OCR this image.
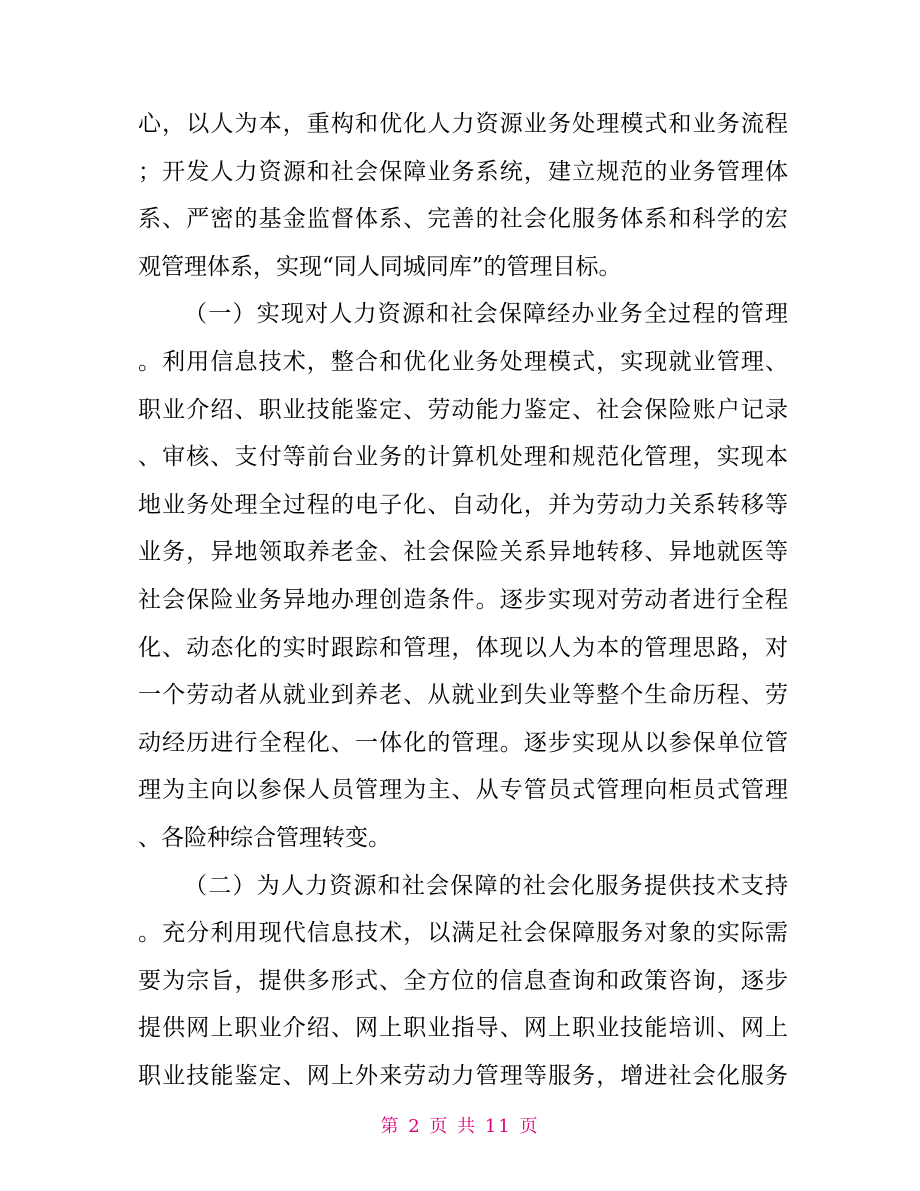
心，以人为本，重构和优化人力资源业务处理模式和业务流程
；开发人力资源和社会保障业务系统，建立规范的业务管理体
系、严密的基金监督体系、完善的社会化服务体系和科学的宏
观管理体系，实现“同人同城同库”的管理目标。
（一）实现对人力资源和社会保障经办业务全过程的管理
。利用信息技术，整合和优化业务处理模式，实现就业管理、
职业介绍、职业技能鉴定、劳动能力鉴定、社会保险账户记录
、审核、支付等前台业务的计算机处理和规范化管理，实现本
地业务处理全过程的电子化、自动化，并为劳动力关系转移等
业务，异地领取养老金、社会保险关系异地转移、异地就医等
社会保险业务异地办理创造条件。逐步实现对劳动者进行全程
化、动态化的实时跟踪和管理，体现以人为本的管理思路，对
一个劳动者从就业到养老、从就业到失业等整个生命历程、劳
动经历进行全程化、一体化的管理。逐步实现从以参保单位管
理为主向以参保人员管理为主、从专管员式管理向柜员式管理
、各险种综合管理转变。
（二）为人力资源和社会保障的社会化服务提供技术支持
。充分利用现代信息技术，以满足社会保障服务对象的实际需
要为宗旨，提供多形式、全方位的信息查询和政策咨询，逐步
提供网上职业介绍、网上职业指导、网上职业技能培训、网上
职业技能鉴定、网上外来劳动力管理等服务，增进社会化服务
第 2 页 共 11 页
